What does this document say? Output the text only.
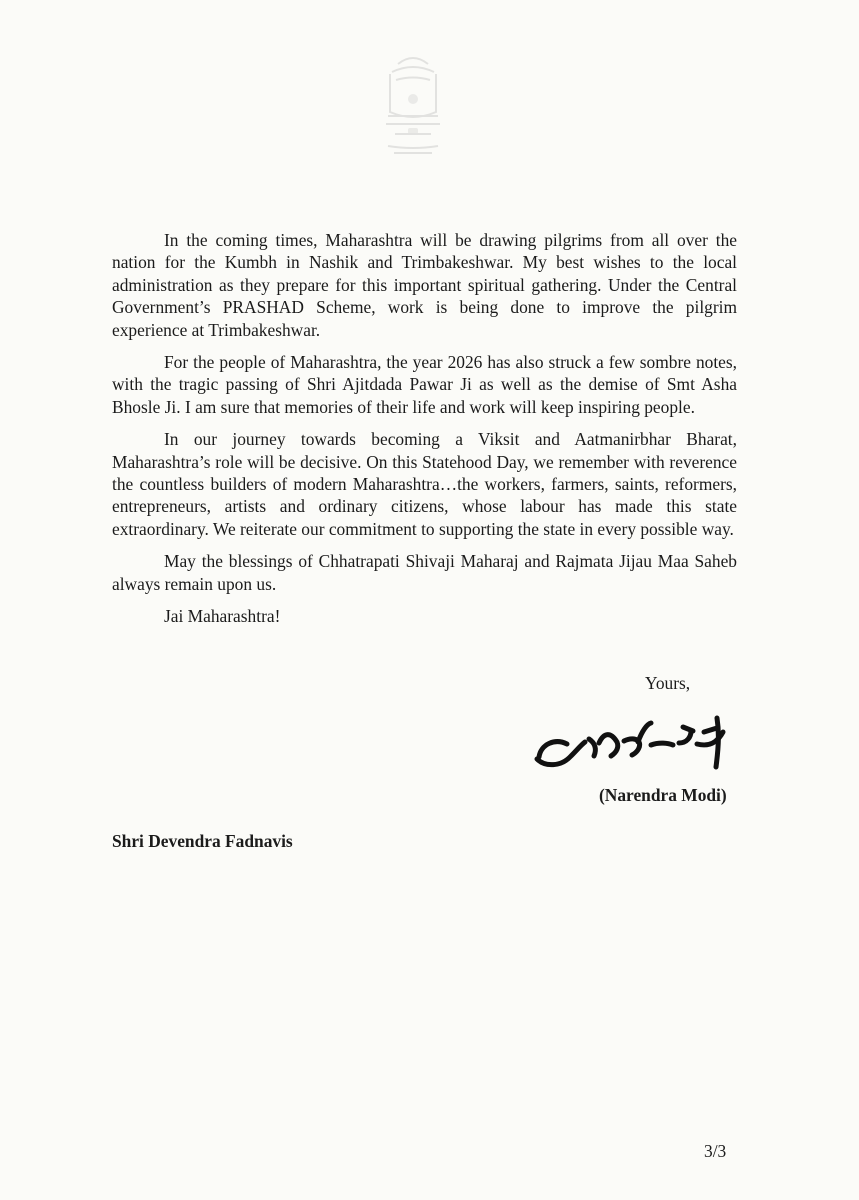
In the coming times, Maharashtra will be drawing pilgrims from all over the nation for the Kumbh in Nashik and Trimbakeshwar. My best wishes to the local administration as they prepare for this important spiritual gathering. Under the Central Government’s PRASHAD Scheme, work is being done to improve the pilgrim experience at Trimbakeshwar.

For the people of Maharashtra, the year 2026 has also struck a few sombre notes, with the tragic passing of Shri Ajitdada Pawar Ji as well as the demise of Smt Asha Bhosle Ji. I am sure that memories of their life and work will keep inspiring people.

In our journey towards becoming a Viksit and Aatmanirbhar Bharat, Maharashtra’s role will be decisive. On this Statehood Day, we remember with reverence the countless builders of modern Maharashtra…the workers, farmers, saints, reformers, entrepreneurs, artists and ordinary citizens, whose labour has made this state extraordinary. We reiterate our commitment to supporting the state in every possible way.

May the blessings of Chhatrapati Shivaji Maharaj and Rajmata Jijau Maa Saheb always remain upon us.

Jai Maharashtra!

Yours,
(Narendra Modi)
Shri Devendra Fadnavis
3/3
